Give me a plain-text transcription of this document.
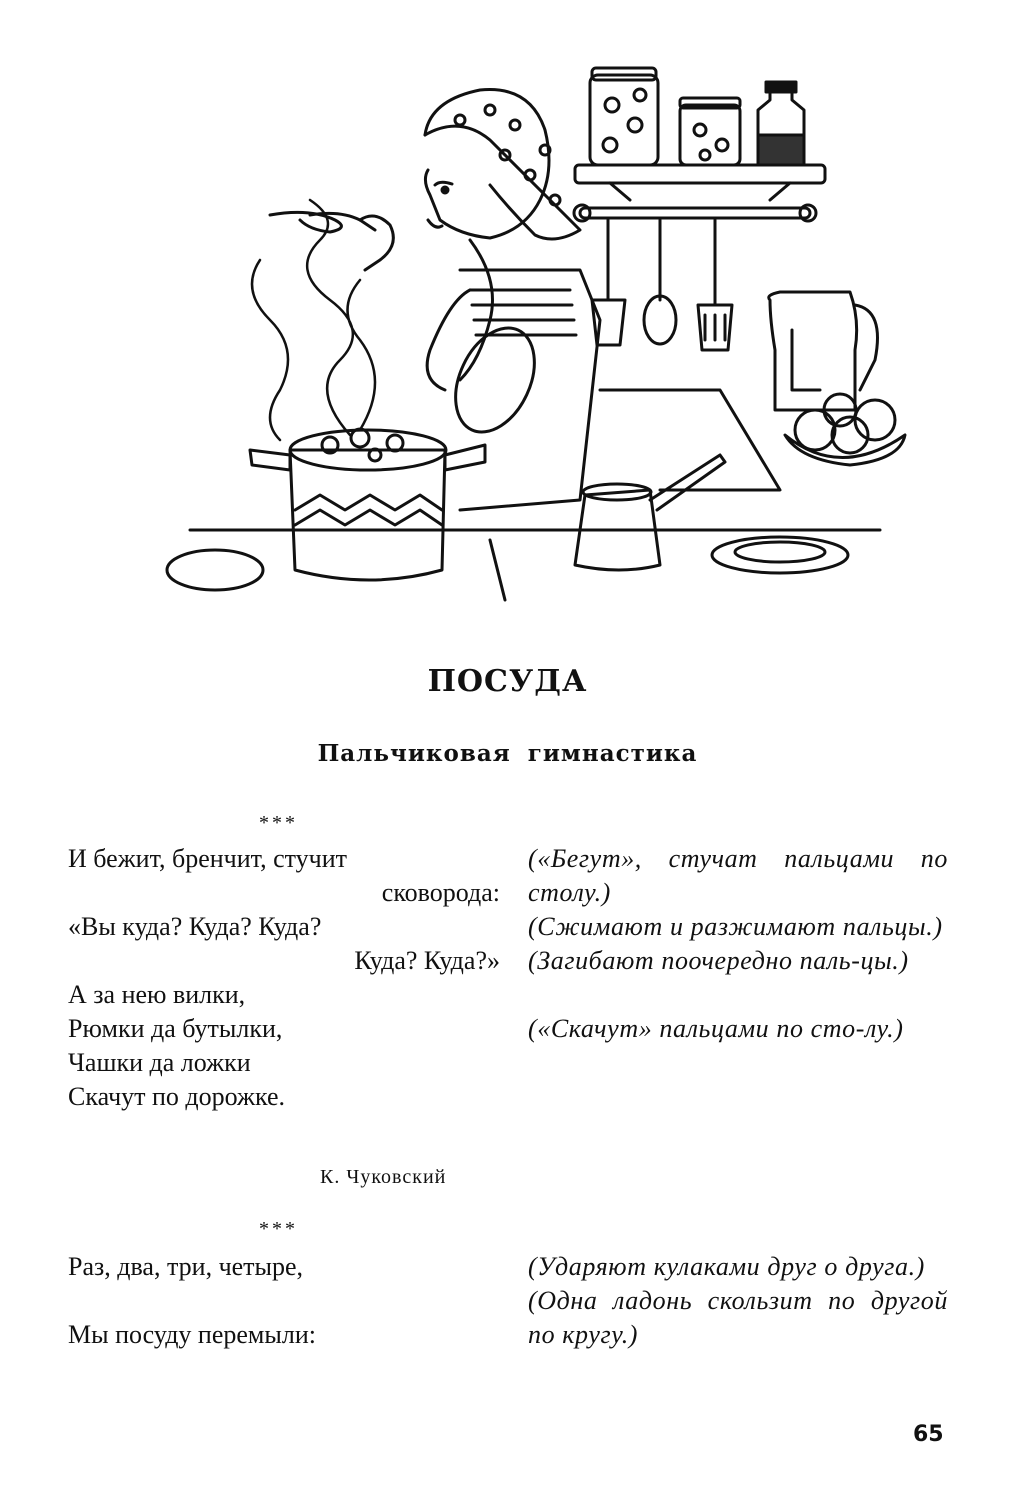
ПОСУДА
Пальчиковая гимнастика
***
И бежит, бренчит, стучит
сковорода:
«Вы куда? Куда? Куда?
Куда? Куда?»
А за нею вилки,
Рюмки да бутылки,
Чашки да ложки
Скачут по дорожке.

(«Бегут», стучат пальцами по столу.)

(Сжимают и разжимают пальцы.)

(Загибают поочередно паль-цы.)

(«Скачут» пальцами по сто-лу.)

К. Чуковский
***
Раз, два, три, четыре,
Мы посуду перемыли:

(Ударяют кулаками друг о друга.)

(Одна ладонь скользит по другой по кругу.)

65
